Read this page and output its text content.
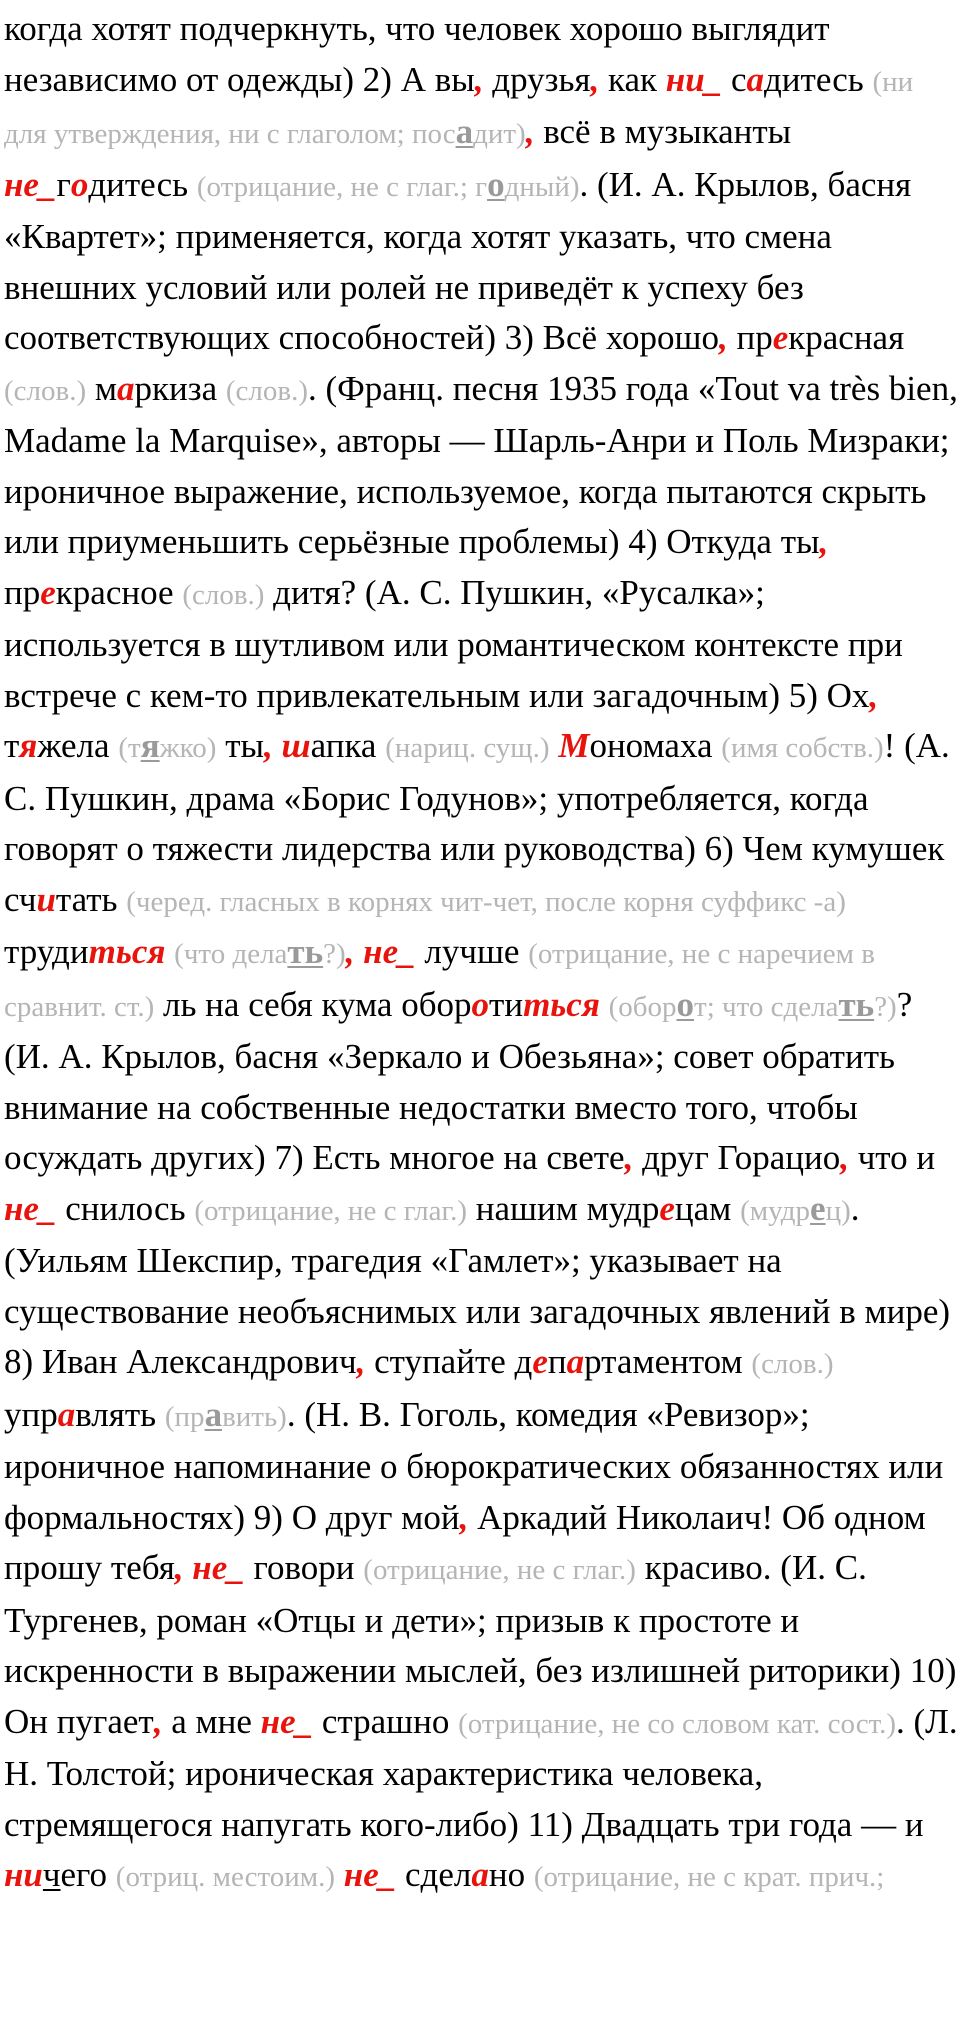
когда хотят подчеркнуть, что человек хорошо выглядит независимо от одежды) 2) А вы, друзья, как ни_ садитесь (ни для утверждения, ни с глаголом; посадит), всё в музыканты не_годитесь (отрицание, не с глаг.; годный). (И. А. Крылов, басня «Квартет»; применяется, когда хотят указать, что смена внешних условий или ролей не приведёт к успеху без соответствующих способностей) 3) Всё хорошо, прекрасная (слов.) маркиза (слов.). (Франц. песня 1935 года «Tout va très bien, Madame la Marquise», авторы — Шарль-Анри и Поль Мизраки; ироничное выражение, используемое, когда пытаются скрыть или приуменьшить серьёзные проблемы) 4) Откуда ты, прекрасное (слов.) дитя? (А. С. Пушкин, «Русалка»; используется в шутливом или романтическом контексте при встрече с кем-то привлекательным или загадочным) 5) Ох, тяжела (тяжко) ты, шапка (нариц. сущ.) Мономаха (имя собств.)! (А. С. Пушкин, драма «Борис Годунов»; употребляется, когда говорят о тяжести лидерства или руководства) 6) Чем кумушек считать (черед. гласных в корнях чит-чет, после корня суффикс -а) трудиться (что делать?), не_ лучше (отрицание, не с наречием в сравнит. ст.) ль на себя кума оборотиться (оборот; что сделать?)? (И. А. Крылов, басня «Зеркало и Обезьяна»; совет обратить внимание на собственные недостатки вместо того, чтобы осуждать других) 7) Есть многое на свете, друг Горацио, что и не_ снилось (отрицание, не с глаг.) нашим мудрецам (мудрец). (Уильям Шекспир, трагедия «Гамлет»; указывает на существование необъяснимых или загадочных явлений в мире) 8) Иван Александрович, ступайте департаментом (слов.) управлять (править). (Н. В. Гоголь, комедия «Ревизор»; ироничное напоминание о бюрократических обязанностях или формальностях) 9) О друг мой, Аркадий Николаич! Об одном прошу тебя, не_ говори (отрицание, не с глаг.) красиво. (И. С. Тургенев, роман «Отцы и дети»; призыв к простоте и искренности в выражении мыслей, без излишней риторики) 10) Он пугает, а мне не_ страшно (отрицание, не со словом кат. сост.). (Л. Н. Толстой; ироническая характеристика человека, стремящегося напугать кого-либо) 11) Двадцать три года — и ничего (отриц. местоим.) не_ сделано (отрицание, не с крат. прич.;
